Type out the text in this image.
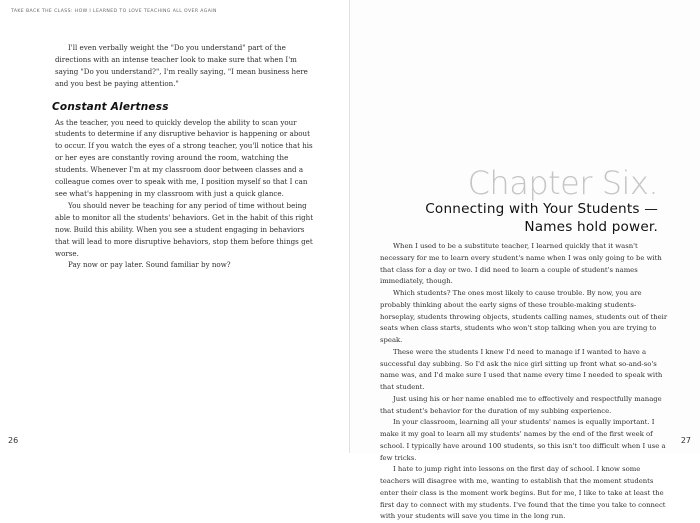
TAKE BACK THE CLASS: HOW I LEARNED TO LOVE TEACHING ALL OVER AGAIN

I'll even verbally weight the "Do you understand" part of the directions with an intense teacher look to make sure that when I'm saying "Do you understand?", I'm really saying, "I mean business here and you best be paying attention."

Constant Alertness

As the teacher, you need to quickly develop the ability to scan your students to determine if any disruptive behavior is happening or about to occur. If you watch the eyes of a strong teacher, you'll notice that his or her eyes are constantly roving around the room, watching the students. Whenever I'm at my classroom door between classes and a colleague comes over to speak with me, I position myself so that I can see what's happening in my classroom with just a quick glance.

You should never be teaching for any period of time without being able to monitor all the students' behaviors. Get in the habit of this right now. Build this ability. When you see a student engaging in behaviors that will lead to more disruptive behaviors, stop them before things get worse.

Pay now or pay later. Sound familiar by now?

26
Chapter Six.
Connecting with Your Students —
Names hold power.

When I used to be a substitute teacher, I learned quickly that it wasn't necessary for me to learn every student's name when I was only going to be with that class for a day or two. I did need to learn a couple of student's names immediately, though.

Which students? The ones most likely to cause trouble. By now, you are probably thinking about the early signs of these trouble-making students- horseplay, students throwing objects, students calling names, students out of their seats when class starts, students who won't stop talking when you are trying to speak.

These were the students I knew I'd need to manage if I wanted to have a successful day subbing. So I'd ask the nice girl sitting up front what so-and-so's name was, and I'd make sure I used that name every time I needed to speak with that student.

Just using his or her name enabled me to effectively and respectfully manage that student's behavior for the duration of my subbing experience.

In your classroom, learning all your students' names is equally important. I make it my goal to learn all my students' names by the end of the first week of school. I typically have around 100 students, so this isn't too difficult when I use a few tricks.

I hate to jump right into lessons on the first day of school. I know some teachers will disagree with me, wanting to establish that the moment students enter their class is the moment work begins. But for me, I like to take at least the first day to connect with my students. I've found that the time you take to connect with your students will save you time in the long run.

27
